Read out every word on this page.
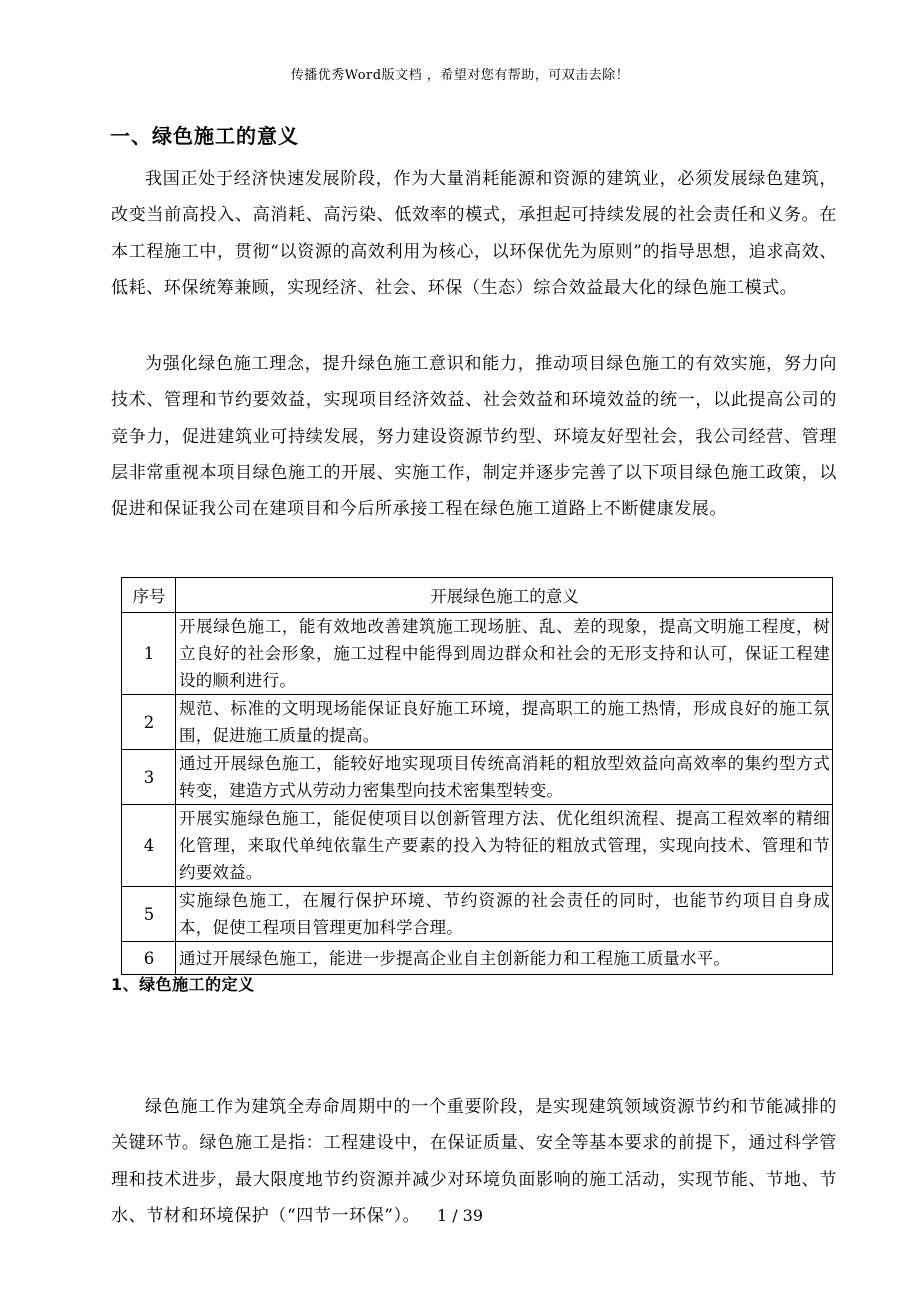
传播优秀Word版文档 ，希望对您有帮助，可双击去除！
一、绿色施工的意义

我国正处于经济快速发展阶段，作为大量消耗能源和资源的建筑业，必须发展绿色建筑，改变当前高投入、高消耗、高污染、低效率的模式，承担起可持续发展的社会责任和义务。在本工程施工中，贯彻“以资源的高效利用为核心，以环保优先为原则”的指导思想，追求高效、低耗、环保统筹兼顾，实现经济、社会、环保（生态）综合效益最大化的绿色施工模式。

为强化绿色施工理念，提升绿色施工意识和能力，推动项目绿色施工的有效实施，努力向技术、管理和节约要效益，实现项目经济效益、社会效益和环境效益的统一，以此提高公司的竞争力，促进建筑业可持续发展，努力建设资源节约型、环境友好型社会，我公司经营、管理层非常重视本项目绿色施工的开展、实施工作，制定并逐步完善了以下项目绿色施工政策，以促进和保证我公司在建项目和今后所承接工程在绿色施工道路上不断健康发展。

序号	开展绿色施工的意义
1	开展绿色施工，能有效地改善建筑施工现场脏、乱、差的现象，提高文明施工程度，树立良好的社会形象，施工过程中能得到周边群众和社会的无形支持和认可，保证工程建设的顺利进行。
2	规范、标准的文明现场能保证良好施工环境，提高职工的施工热情，形成良好的施工氛围，促进施工质量的提高。
3	通过开展绿色施工，能较好地实现项目传统高消耗的粗放型效益向高效率的集约型方式转变，建造方式从劳动力密集型向技术密集型转变。
4	开展实施绿色施工，能促使项目以创新管理方法、优化组织流程、提高工程效率的精细化管理，来取代单纯依靠生产要素的投入为特征的粗放式管理，实现向技术、管理和节约要效益。
5	实施绿色施工，在履行保护环境、节约资源的社会责任的同时，也能节约项目自身成本，促使工程项目管理更加科学合理。
6	通过开展绿色施工，能进一步提高企业自主创新能力和工程施工质量水平。
1、绿色施工的定义

绿色施工作为建筑全寿命周期中的一个重要阶段，是实现建筑领域资源节约和节能减排的关键环节。绿色施工是指：工程建设中，在保证质量、安全等基本要求的前提下，通过科学管理和技术进步，最大限度地节约资源并减少对环境负面影响的施工活动，实现节能、节地、节水、节材和环境保护（“四节一环保”）。	1 / 39
